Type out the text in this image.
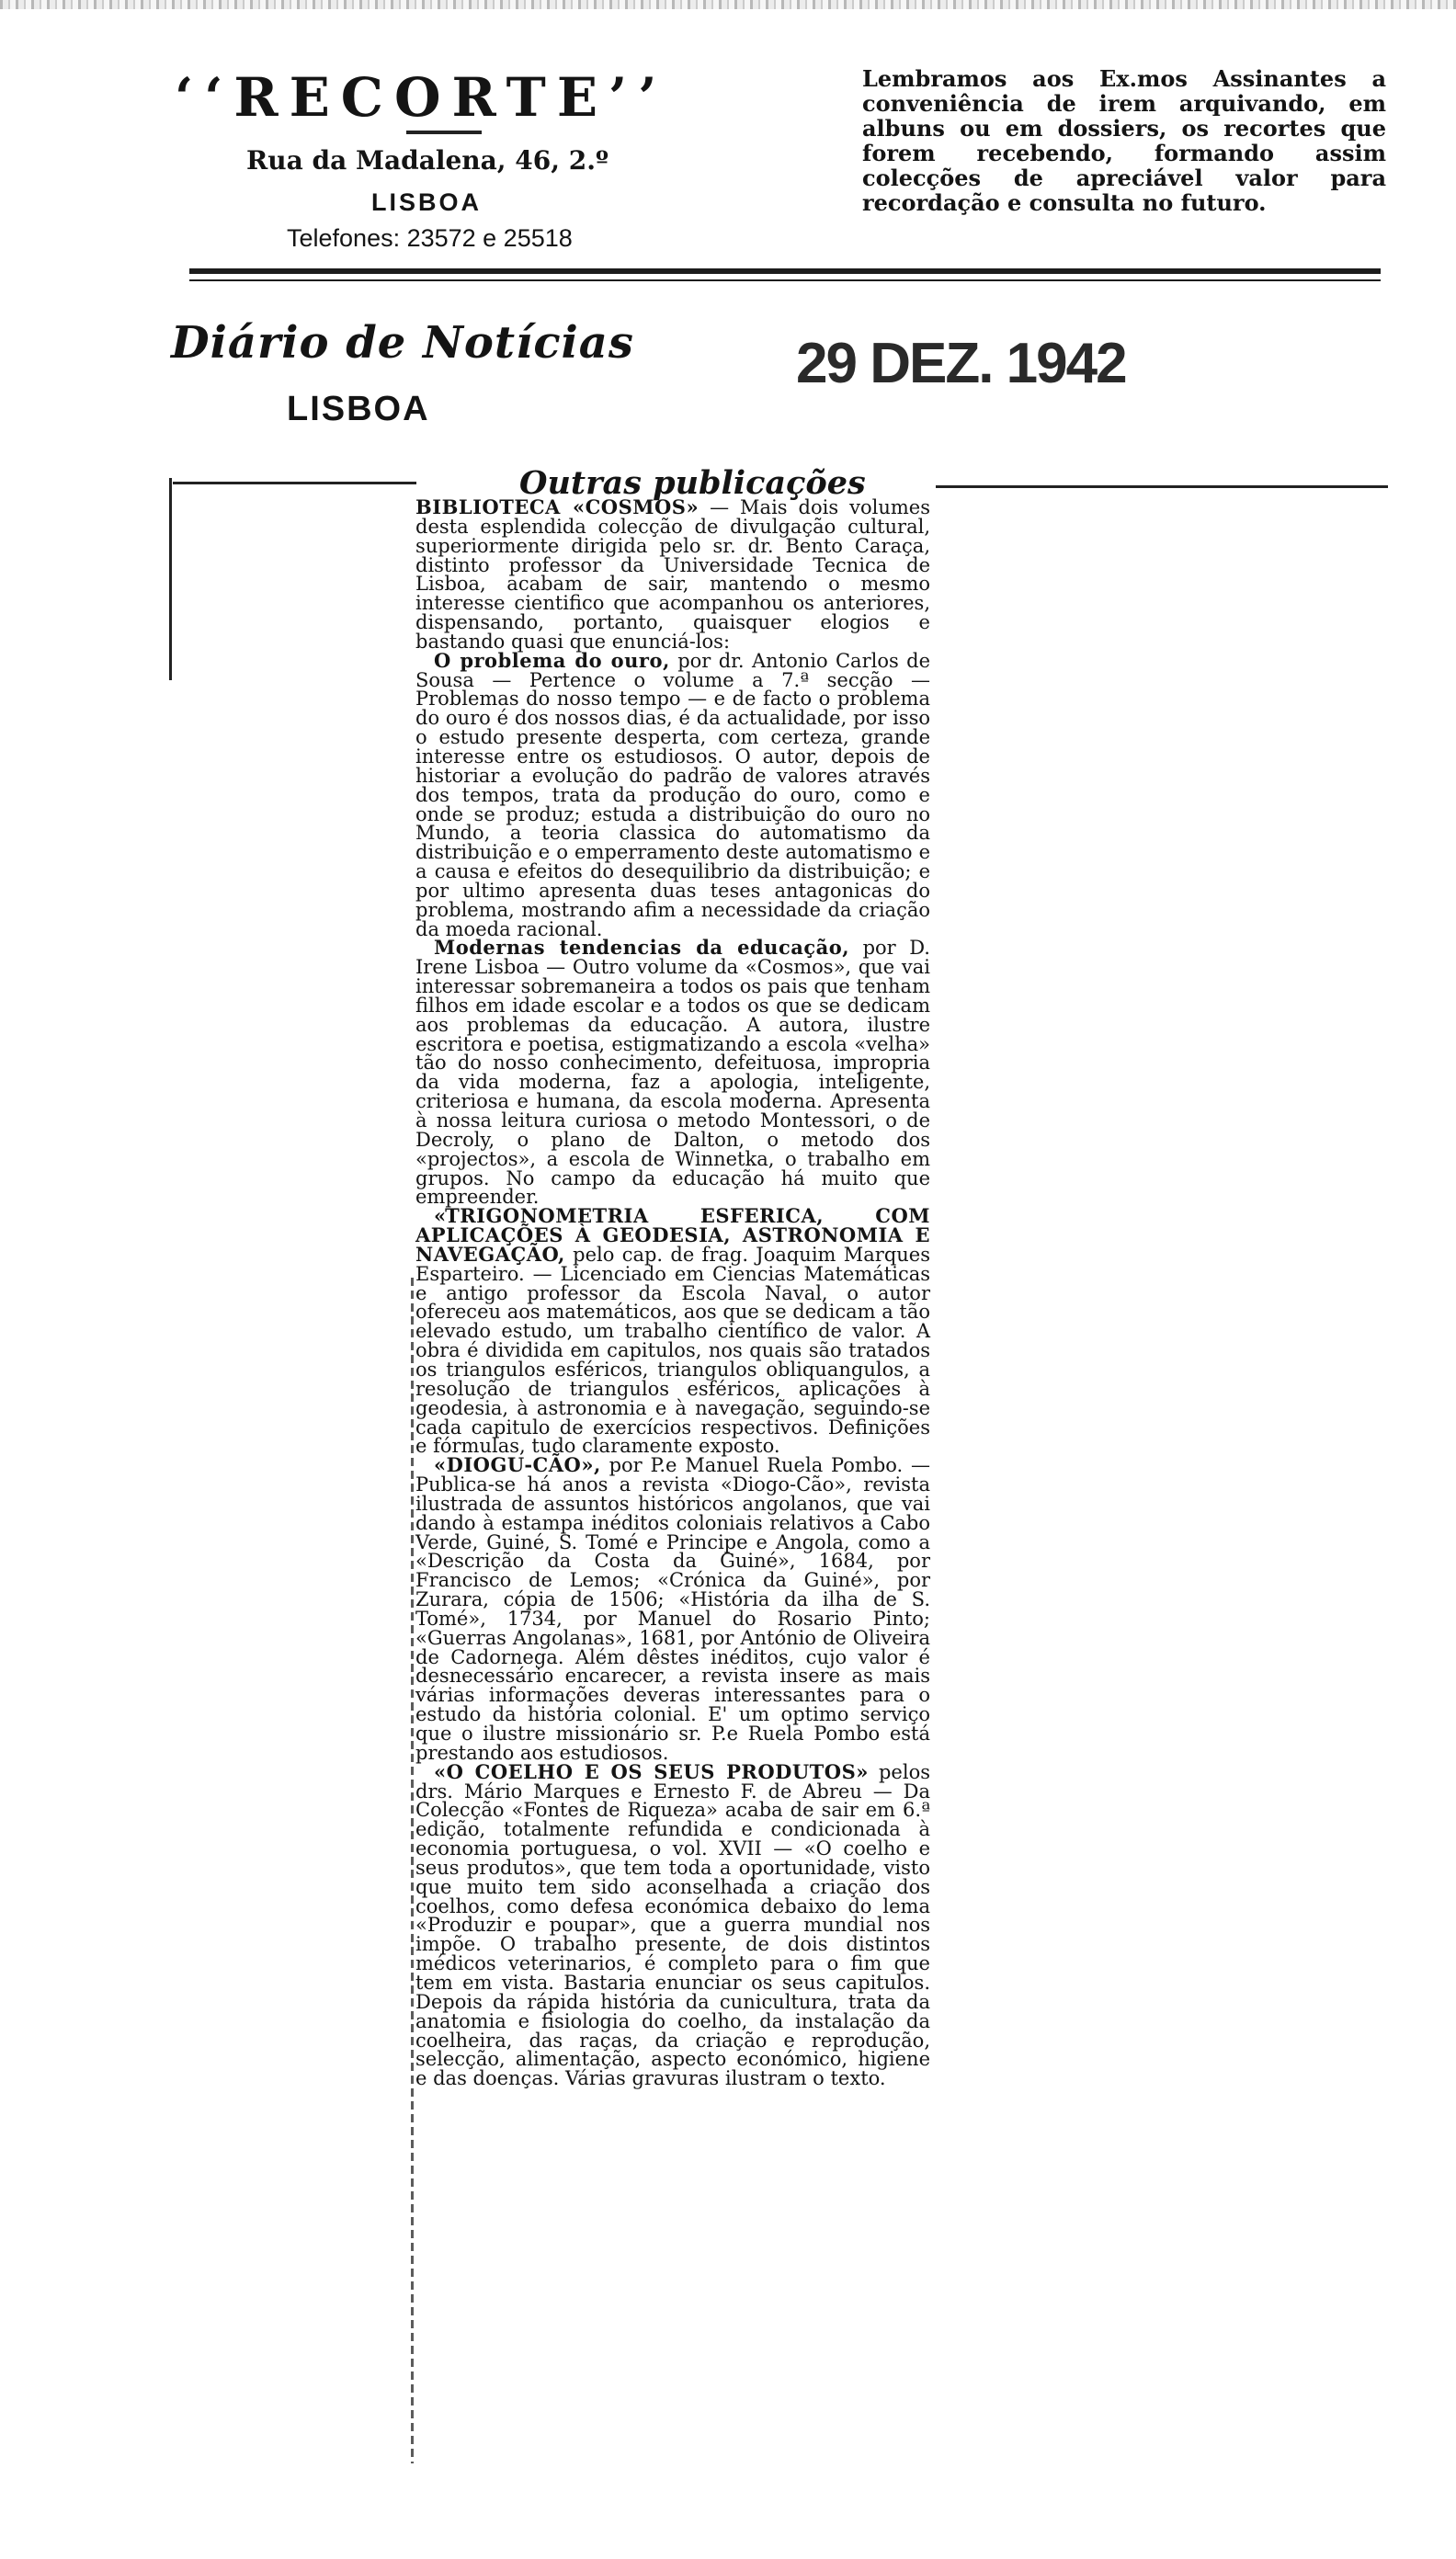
‘‘RECORTE’’
Rua da Madalena, 46, 2.º
LISBOA
Telefones: 23572 e 25518
Lembramos aos Ex.mos Assinantes a conveniência de irem arquivando, em albuns ou em dossiers, os recortes que forem recebendo, formando assim colecções de apreciável valor para recordação e consulta no futuro.
Diário de Notícias
LISBOA
29 DEZ. 1942
Outras publicações

BIBLIOTECA «COSMOS» — Mais dois volumes desta esplendida colecção de divulgação cultural, superiormente dirigida pelo sr. dr. Bento Caraça, distinto professor da Universidade Tecnica de Lisboa, acabam de sair, mantendo o mesmo interesse cientifico que acompanhou os anteriores, dispensando, portanto, quaisquer elogios e bastando quasi que enunciá-los:

O problema do ouro, por dr. Antonio Carlos de Sousa — Pertence o volume a 7.ª secção — Problemas do nosso tempo — e de facto o problema do ouro é dos nossos dias, é da actualidade, por isso o estudo presente desperta, com certeza, grande interesse entre os estudiosos. O autor, depois de historiar a evolução do padrão de valores através dos tempos, trata da produção do ouro, como e onde se produz; estuda a distribuição do ouro no Mundo, a teoria classica do automatismo da distribuição e o emperramento deste automatismo e a causa e efeitos do desequilibrio da distribuição; e por ultimo apresenta duas teses antagonicas do problema, mostrando afim a necessidade da criação da moeda racional.

Modernas tendencias da educação, por D. Irene Lisboa — Outro volume da «Cosmos», que vai interessar sobremaneira a todos os pais que tenham filhos em idade escolar e a todos os que se dedicam aos problemas da educação. A autora, ilustre escritora e poetisa, estigmatizando a escola «velha» tão do nosso conhecimento, defeituosa, impropria da vida moderna, faz a apologia, inteligente, criteriosa e humana, da escola moderna. Apresenta à nossa leitura curiosa o metodo Montessori, o de Decroly, o plano de Dalton, o metodo dos «projectos», a escola de Winnetka, o trabalho em grupos. No campo da educação há muito que empreender.

«TRIGONOMETRIA ESFERICA, COM APLICAÇÕES À GEODESIA, ASTRONOMIA E NAVEGAÇÃO, pelo cap. de frag. Joaquim Marques Esparteiro. — Licenciado em Ciencias Matemáticas e antigo professor da Escola Naval, o autor ofereceu aos matemáticos, aos que se dedicam a tão elevado estudo, um trabalho científico de valor. A obra é dividida em capitulos, nos quais são tratados os triangulos esféricos, triangulos obliquangulos, a resolução de triangulos esféricos, aplicações à geodesia, à astronomia e à navegação, seguindo-se cada capitulo de exercícios respectivos. Definições e fórmulas, tudo claramente exposto.

«DIOGU-CÃO», por P.e Manuel Ruela Pombo. — Publica-se há anos a revista «Diogo-Cão», revista ilustrada de assuntos históricos angolanos, que vai dando à estampa inéditos coloniais relativos a Cabo Verde, Guiné, S. Tomé e Principe e Angola, como a «Descrição da Costa da Guiné», 1684, por Francisco de Lemos; «Crónica da Guiné», por Zurara, cópia de 1506; «História da ilha de S. Tomé», 1734, por Manuel do Rosario Pinto; «Guerras Angolanas», 1681, por António de Oliveira de Cadornega. Além dêstes inéditos, cujo valor é desnecessário encarecer, a revista insere as mais várias informações deveras interessantes para o estudo da história colonial. E' um optimo serviço que o ilustre missionário sr. P.e Ruela Pombo está prestando aos estudiosos.

«O COELHO E OS SEUS PRODUTOS» pelos drs. Mário Marques e Ernesto F. de Abreu — Da Colecção «Fontes de Riqueza» acaba de sair em 6.ª edição, totalmente refundida e condicionada à economia portuguesa, o vol. XVII — «O coelho e seus produtos», que tem toda a oportunidade, visto que muito tem sido aconselhada a criação dos coelhos, como defesa económica debaixo do lema «Produzir e poupar», que a guerra mundial nos impõe. O trabalho presente, de dois distintos médicos veterinarios, é completo para o fim que tem em vista. Bastaria enunciar os seus capitulos. Depois da rápida história da cunicultura, trata da anatomia e fisiologia do coelho, da instalação da coelheira, das raças, da criação e reprodução, selecção, alimentação, aspecto económico, higiene e das doenças. Várias gravuras ilustram o texto.
